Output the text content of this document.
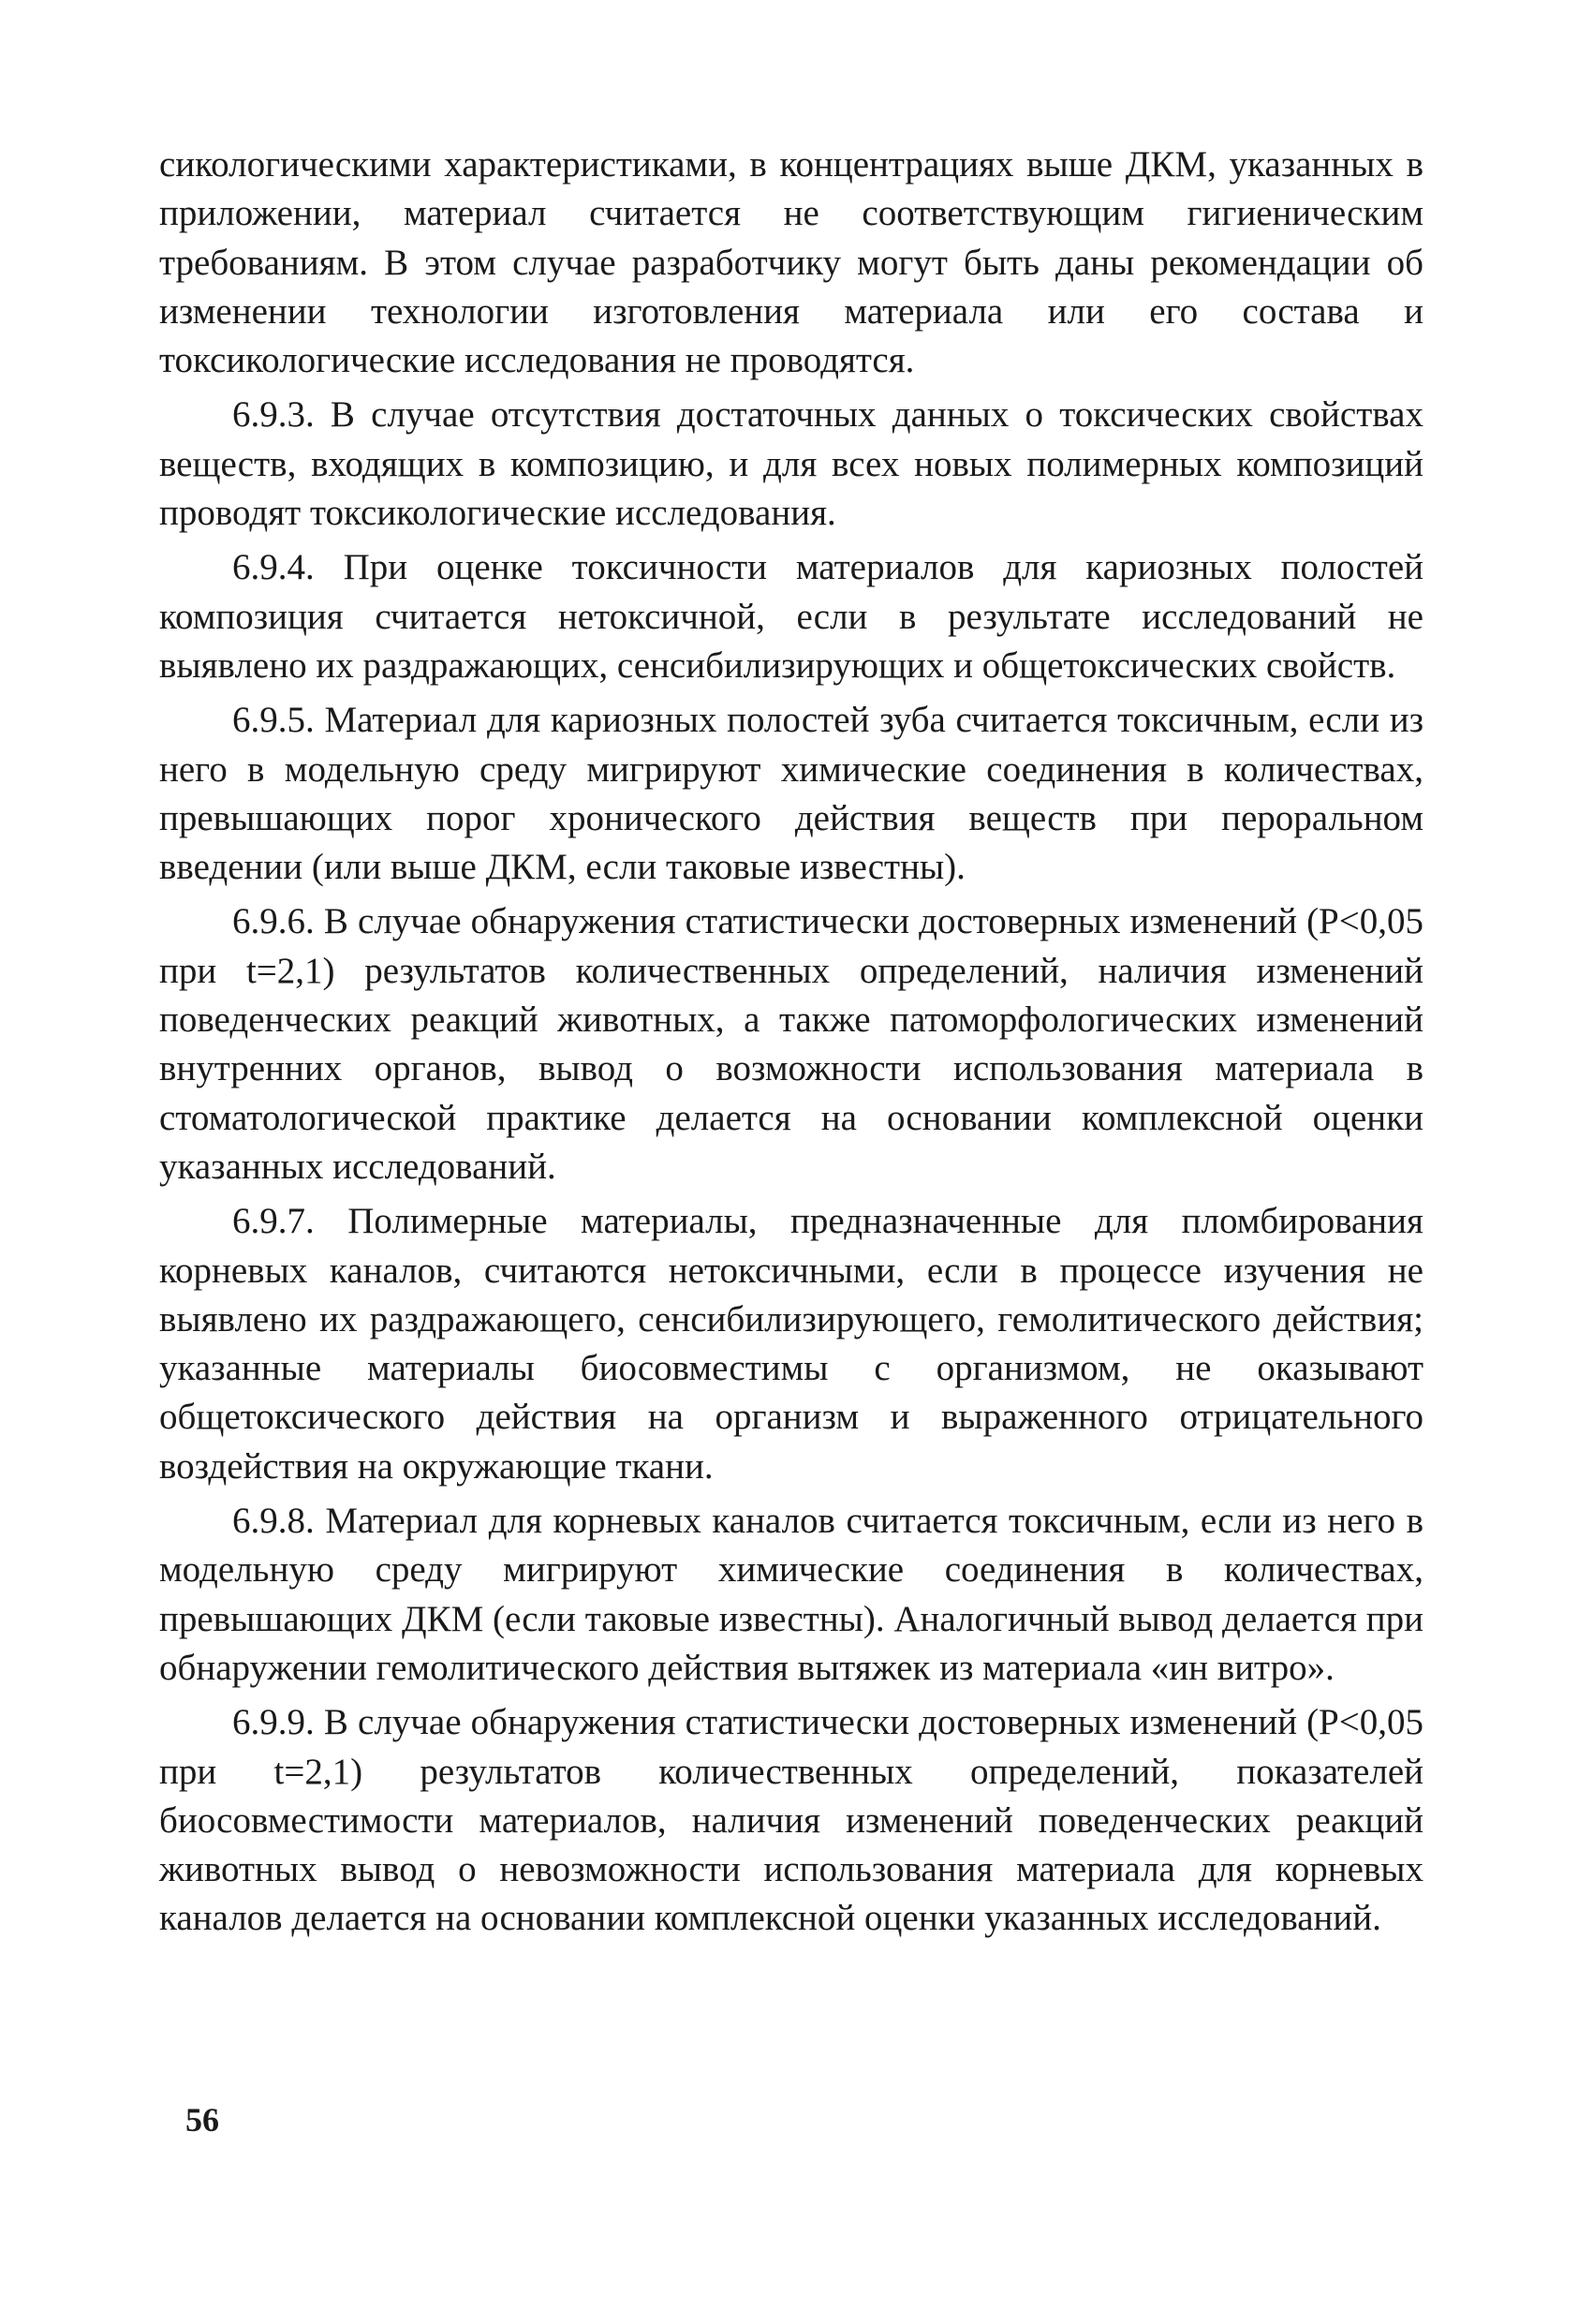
сикологическими характеристиками, в концентрациях выше ДКМ, указанных в приложении, материал считается не соответствующим гигиеническим требованиям. В этом случае разработчику могут быть даны рекомендации об изменении технологии изготовления материала или его состава и токсикологические исследования не проводятся.

6.9.3. В случае отсутствия достаточных данных о токсических свойствах веществ, входящих в композицию, и для всех новых полимерных композиций проводят токсикологические исследования.

6.9.4. При оценке токсичности материалов для кариозных полостей композиция считается нетоксичной, если в результате исследований не выявлено их раздражающих, сенсибилизирующих и общетоксических свойств.

6.9.5. Материал для кариозных полостей зуба считается токсичным, если из него в модельную среду мигрируют химические соединения в количествах, превышающих порог хронического действия веществ при пероральном введении (или выше ДКМ, если таковые известны).

6.9.6. В случае обнаружения статистически достоверных изменений (P<0,05 при t=2,1) результатов количественных определений, наличия изменений поведенческих реакций животных, а также патоморфологических изменений внутренних органов, вывод о возможности использования материала в стоматологической практике делается на основании комплексной оценки указанных исследований.

6.9.7. Полимерные материалы, предназначенные для пломбирования корневых каналов, считаются нетоксичными, если в процессе изучения не выявлено их раздражающего, сенсибилизирующего, гемолитического действия; указанные материалы биосовместимы с организмом, не оказывают общетоксического действия на организм и выраженного отрицательного воздействия на окружающие ткани.

6.9.8. Материал для корневых каналов считается токсичным, если из него в модельную среду мигрируют химические соединения в количествах, превышающих ДКМ (если таковые известны). Аналогичный вывод делается при обнаружении гемолитического действия вытяжек из материала «ин витро».

6.9.9. В случае обнаружения статистически достоверных изменений (P<0,05 при t=2,1) результатов количественных определений, показателей биосовместимости материалов, наличия изменений поведенческих реакций животных вывод о невозможности использования материала для корневых каналов делается на основании комплексной оценки указанных исследований.

56
